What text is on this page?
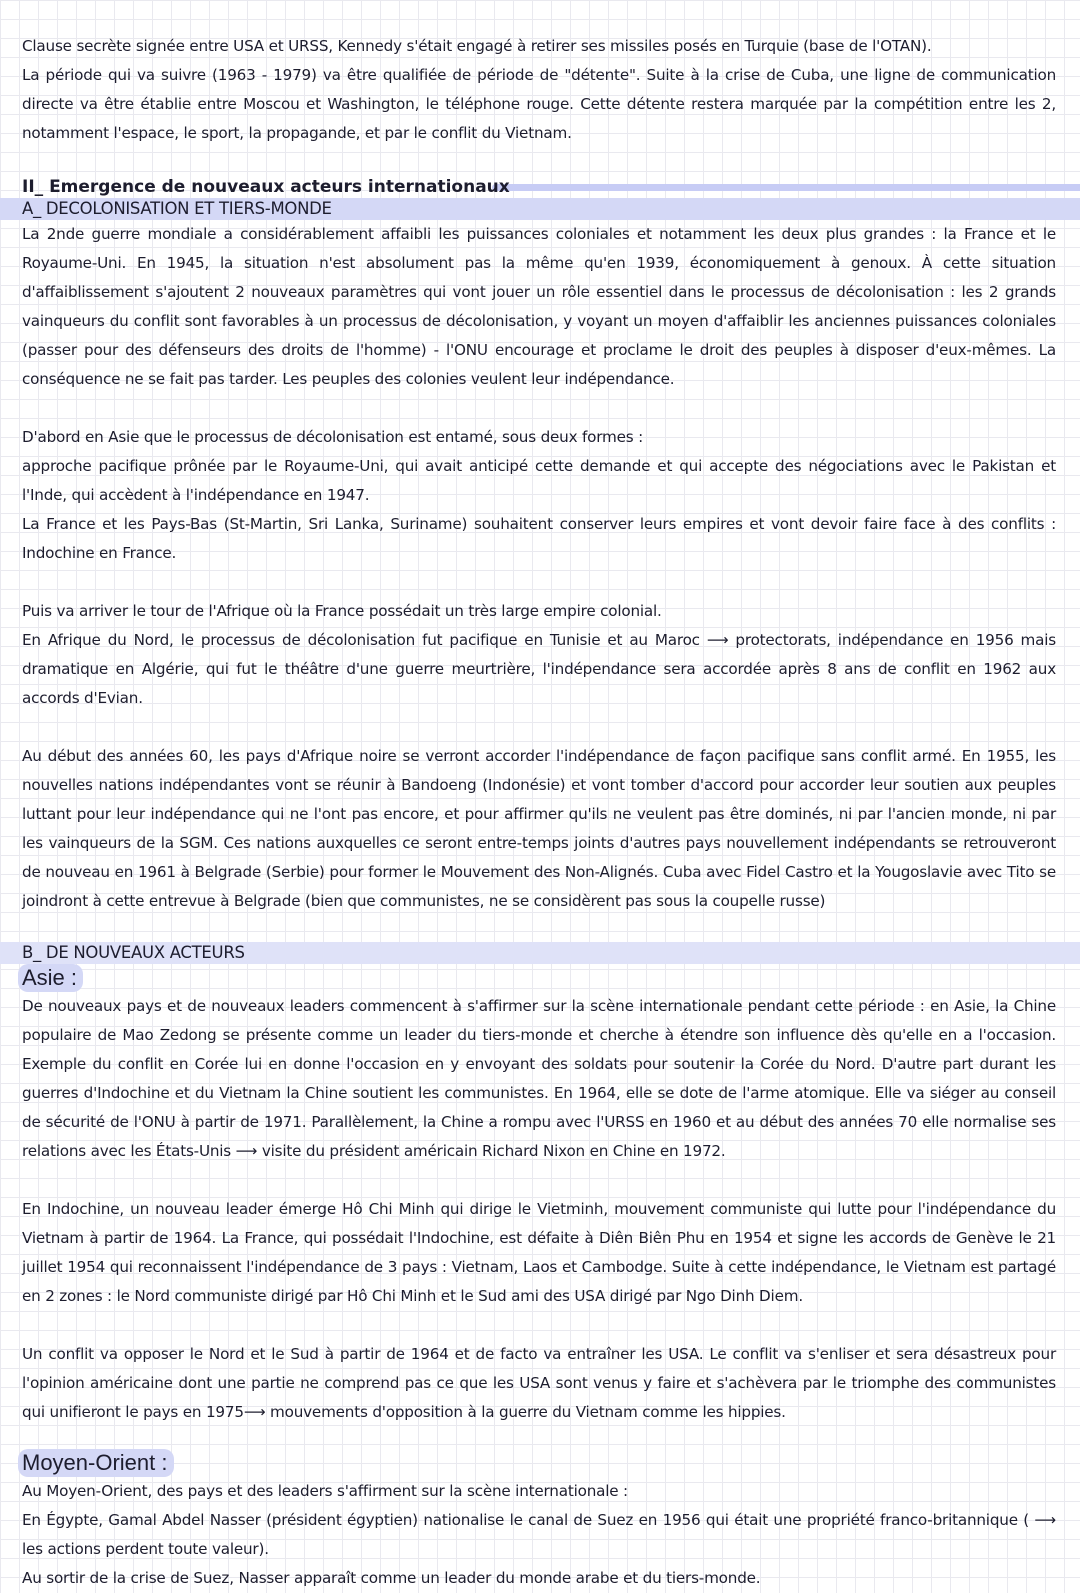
Clause secrète signée entre USA et URSS, Kennedy s'était engagé à retirer ses missiles posés en Turquie (base de l'OTAN).

La période qui va suivre (1963 - 1979) va être qualifiée de période de "détente". Suite à la crise de Cuba, une ligne de communication directe va être établie entre Moscou et Washington, le téléphone rouge. Cette détente restera marquée par la compétition entre les 2, notamment l'espace, le sport, la propagande, et par le conflit du Vietnam.

II_ Emergence de nouveaux acteurs internationaux
A_ DECOLONISATION ET TIERS-MONDE

La 2nde guerre mondiale a considérablement affaibli les puissances coloniales et notamment les deux plus grandes : la France et le Royaume-Uni. En 1945, la situation n'est absolument pas la même qu'en 1939, économiquement à genoux. À cette situation d'affaiblissement s'ajoutent 2 nouveaux paramètres qui vont jouer un rôle essentiel dans le processus de décolonisation : les 2 grands vainqueurs du conflit sont favorables à un processus de décolonisation, y voyant un moyen d'affaiblir les anciennes puissances coloniales (passer pour des défenseurs des droits de l'homme) - l'ONU encourage et proclame le droit des peuples à disposer d'eux-mêmes. La conséquence ne se fait pas tarder. Les peuples des colonies veulent leur indépendance.

D'abord en Asie que le processus de décolonisation est entamé, sous deux formes :

approche pacifique prônée par le Royaume-Uni, qui avait anticipé cette demande et qui accepte des négociations avec le Pakistan et l'Inde, qui accèdent à l'indépendance en 1947.

La France et les Pays-Bas (St-Martin, Sri Lanka, Suriname) souhaitent conserver leurs empires et vont devoir faire face à des conflits : Indochine en France.

Puis va arriver le tour de l'Afrique où la France possédait un très large empire colonial.

En Afrique du Nord, le processus de décolonisation fut pacifique en Tunisie et au Maroc ⟶ protectorats, indépendance en 1956 mais dramatique en Algérie, qui fut le théâtre d'une guerre meurtrière, l'indépendance sera accordée après 8 ans de conflit en 1962 aux accords d'Evian.

Au début des années 60, les pays d'Afrique noire se verront accorder l'indépendance de façon pacifique sans conflit armé. En 1955, les nouvelles nations indépendantes vont se réunir à Bandoeng (Indonésie) et vont tomber d'accord pour accorder leur soutien aux peuples luttant pour leur indépendance qui ne l'ont pas encore, et pour affirmer qu'ils ne veulent pas être dominés, ni par l'ancien monde, ni par les vainqueurs de la SGM. Ces nations auxquelles ce seront entre-temps joints d'autres pays nouvellement indépendants se retrouveront de nouveau en 1961 à Belgrade (Serbie) pour former le Mouvement des Non-Alignés. Cuba avec Fidel Castro et la Yougoslavie avec Tito se joindront à cette entrevue à Belgrade (bien que communistes, ne se considèrent pas sous la coupelle russe)

B_ DE NOUVEAUX ACTEURS
Asie :

De nouveaux pays et de nouveaux leaders commencent à s'affirmer sur la scène internationale pendant cette période : en Asie, la Chine populaire de Mao Zedong se présente comme un leader du tiers-monde et cherche à étendre son influence dès qu'elle en a l'occasion. Exemple du conflit en Corée lui en donne l'occasion en y envoyant des soldats pour soutenir la Corée du Nord. D'autre part durant les guerres d'Indochine et du Vietnam la Chine soutient les communistes. En 1964, elle se dote de l'arme atomique. Elle va siéger au conseil de sécurité de l'ONU à partir de 1971. Parallèlement, la Chine a rompu avec l'URSS en 1960 et au début des années 70 elle normalise ses relations avec les États-Unis ⟶ visite du président américain Richard Nixon en Chine en 1972.

En Indochine, un nouveau leader émerge Hô Chi Minh qui dirige le Vietminh, mouvement communiste qui lutte pour l'indépendance du Vietnam à partir de 1964. La France, qui possédait l'Indochine, est défaite à Diên Biên Phu en 1954 et signe les accords de Genève le 21 juillet 1954 qui reconnaissent l'indépendance de 3 pays : Vietnam, Laos et Cambodge. Suite à cette indépendance, le Vietnam est partagé en 2 zones : le Nord communiste dirigé par Hô Chi Minh et le Sud ami des USA dirigé par Ngo Dinh Diem.

Un conflit va opposer le Nord et le Sud à partir de 1964 et de facto va entraîner les USA. Le conflit va s'enliser et sera désastreux pour l'opinion américaine dont une partie ne comprend pas ce que les USA sont venus y faire et s'achèvera par le triomphe des communistes qui unifieront le pays en 1975⟶ mouvements d'opposition à la guerre du Vietnam comme les hippies.

Moyen-Orient :

Au Moyen-Orient, des pays et des leaders s'affirment sur la scène internationale :

En Égypte, Gamal Abdel Nasser (président égyptien) nationalise le canal de Suez en 1956 qui était une propriété franco-britannique ( ⟶ les actions perdent toute valeur).

Au sortir de la crise de Suez, Nasser apparaît comme un leader du monde arabe et du tiers-monde.
